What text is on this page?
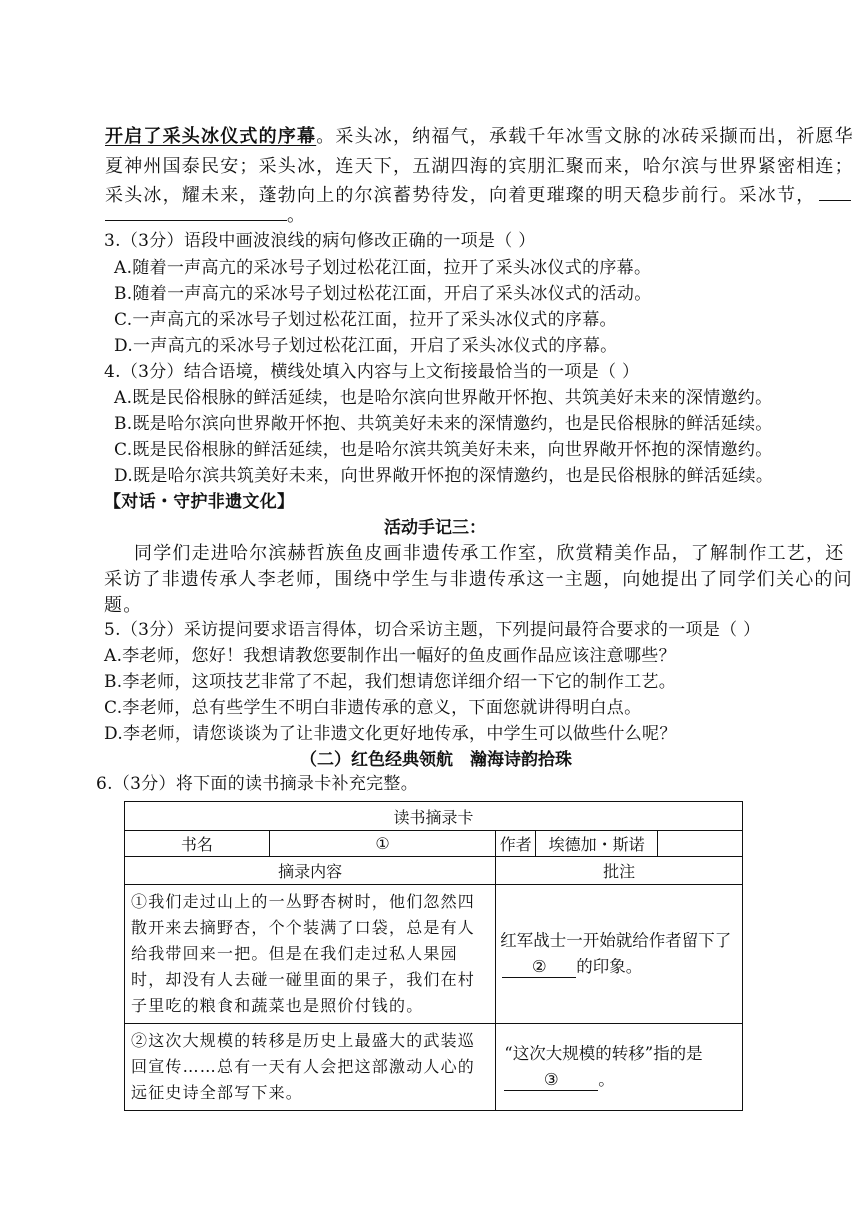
开启了采头冰仪式的序幕。采头冰，纳福气，承载千年冰雪文脉的冰砖采撷而出，祈愿华
夏神州国泰民安；采头冰，连天下，五湖四海的宾朋汇聚而来，哈尔滨与世界紧密相连；
采头冰，耀未来，蓬勃向上的尔滨蓄势待发，向着更璀璨的明天稳步前行。采冰节，
。
3.（3分）语段中画波浪线的病句修改正确的一项是（ ）
A.随着一声高亢的采冰号子划过松花江面，拉开了采头冰仪式的序幕。
B.随着一声高亢的采冰号子划过松花江面，开启了采头冰仪式的活动。
C.一声高亢的采冰号子划过松花江面，拉开了采头冰仪式的序幕。
D.一声高亢的采冰号子划过松花江面，开启了采头冰仪式的序幕。
4.（3分）结合语境，横线处填入内容与上文衔接最恰当的一项是（ ）
A.既是民俗根脉的鲜活延续，也是哈尔滨向世界敞开怀抱、共筑美好未来的深情邀约。
B.既是哈尔滨向世界敞开怀抱、共筑美好未来的深情邀约，也是民俗根脉的鲜活延续。
C.既是民俗根脉的鲜活延续，也是哈尔滨共筑美好未来，向世界敞开怀抱的深情邀约。
D.既是哈尔滨共筑美好未来，向世界敞开怀抱的深情邀约，也是民俗根脉的鲜活延续。
【对话・守护非遗文化】
活动手记三：
同学们走进哈尔滨赫哲族鱼皮画非遗传承工作室，欣赏精美作品，了解制作工艺，还
采访了非遗传承人李老师，围绕中学生与非遗传承这一主题，向她提出了同学们关心的问
题。
5.（3分）采访提问要求语言得体，切合采访主题，下列提问最符合要求的一项是（ ）
A.李老师，您好！我想请教您要制作出一幅好的鱼皮画作品应该注意哪些？
B.李老师，这项技艺非常了不起，我们想请您详细介绍一下它的制作工艺。
C.李老师，总有些学生不明白非遗传承的意义，下面您就讲得明白点。
D.李老师，请您谈谈为了让非遗文化更好地传承，中学生可以做些什么呢？
（二）红色经典领航　瀚海诗韵拾珠
6.（3分）将下面的读书摘录卡补充完整。
读书摘录卡				
书名	①	作者	埃德加・斯诺	
摘录内容		批注		
①我们走过山上的一丛野杏树时，他们忽然四散开来去摘野杏，个个装满了口袋，总是有人给我带回来一把。但是在我们走过私人果园时，却没有人去碰一碰里面的果子，我们在村子里吃的粮食和蔬菜也是照价付钱的。		红军战士一开始就给作者留下了
② 的印象。		

②这次大规模的转移是历史上最盛大的武装巡回宣传……总有一天有人会把这部激动人心的远征史诗全部写下来。		“这次大规模的转移”指的是
③ 。		
